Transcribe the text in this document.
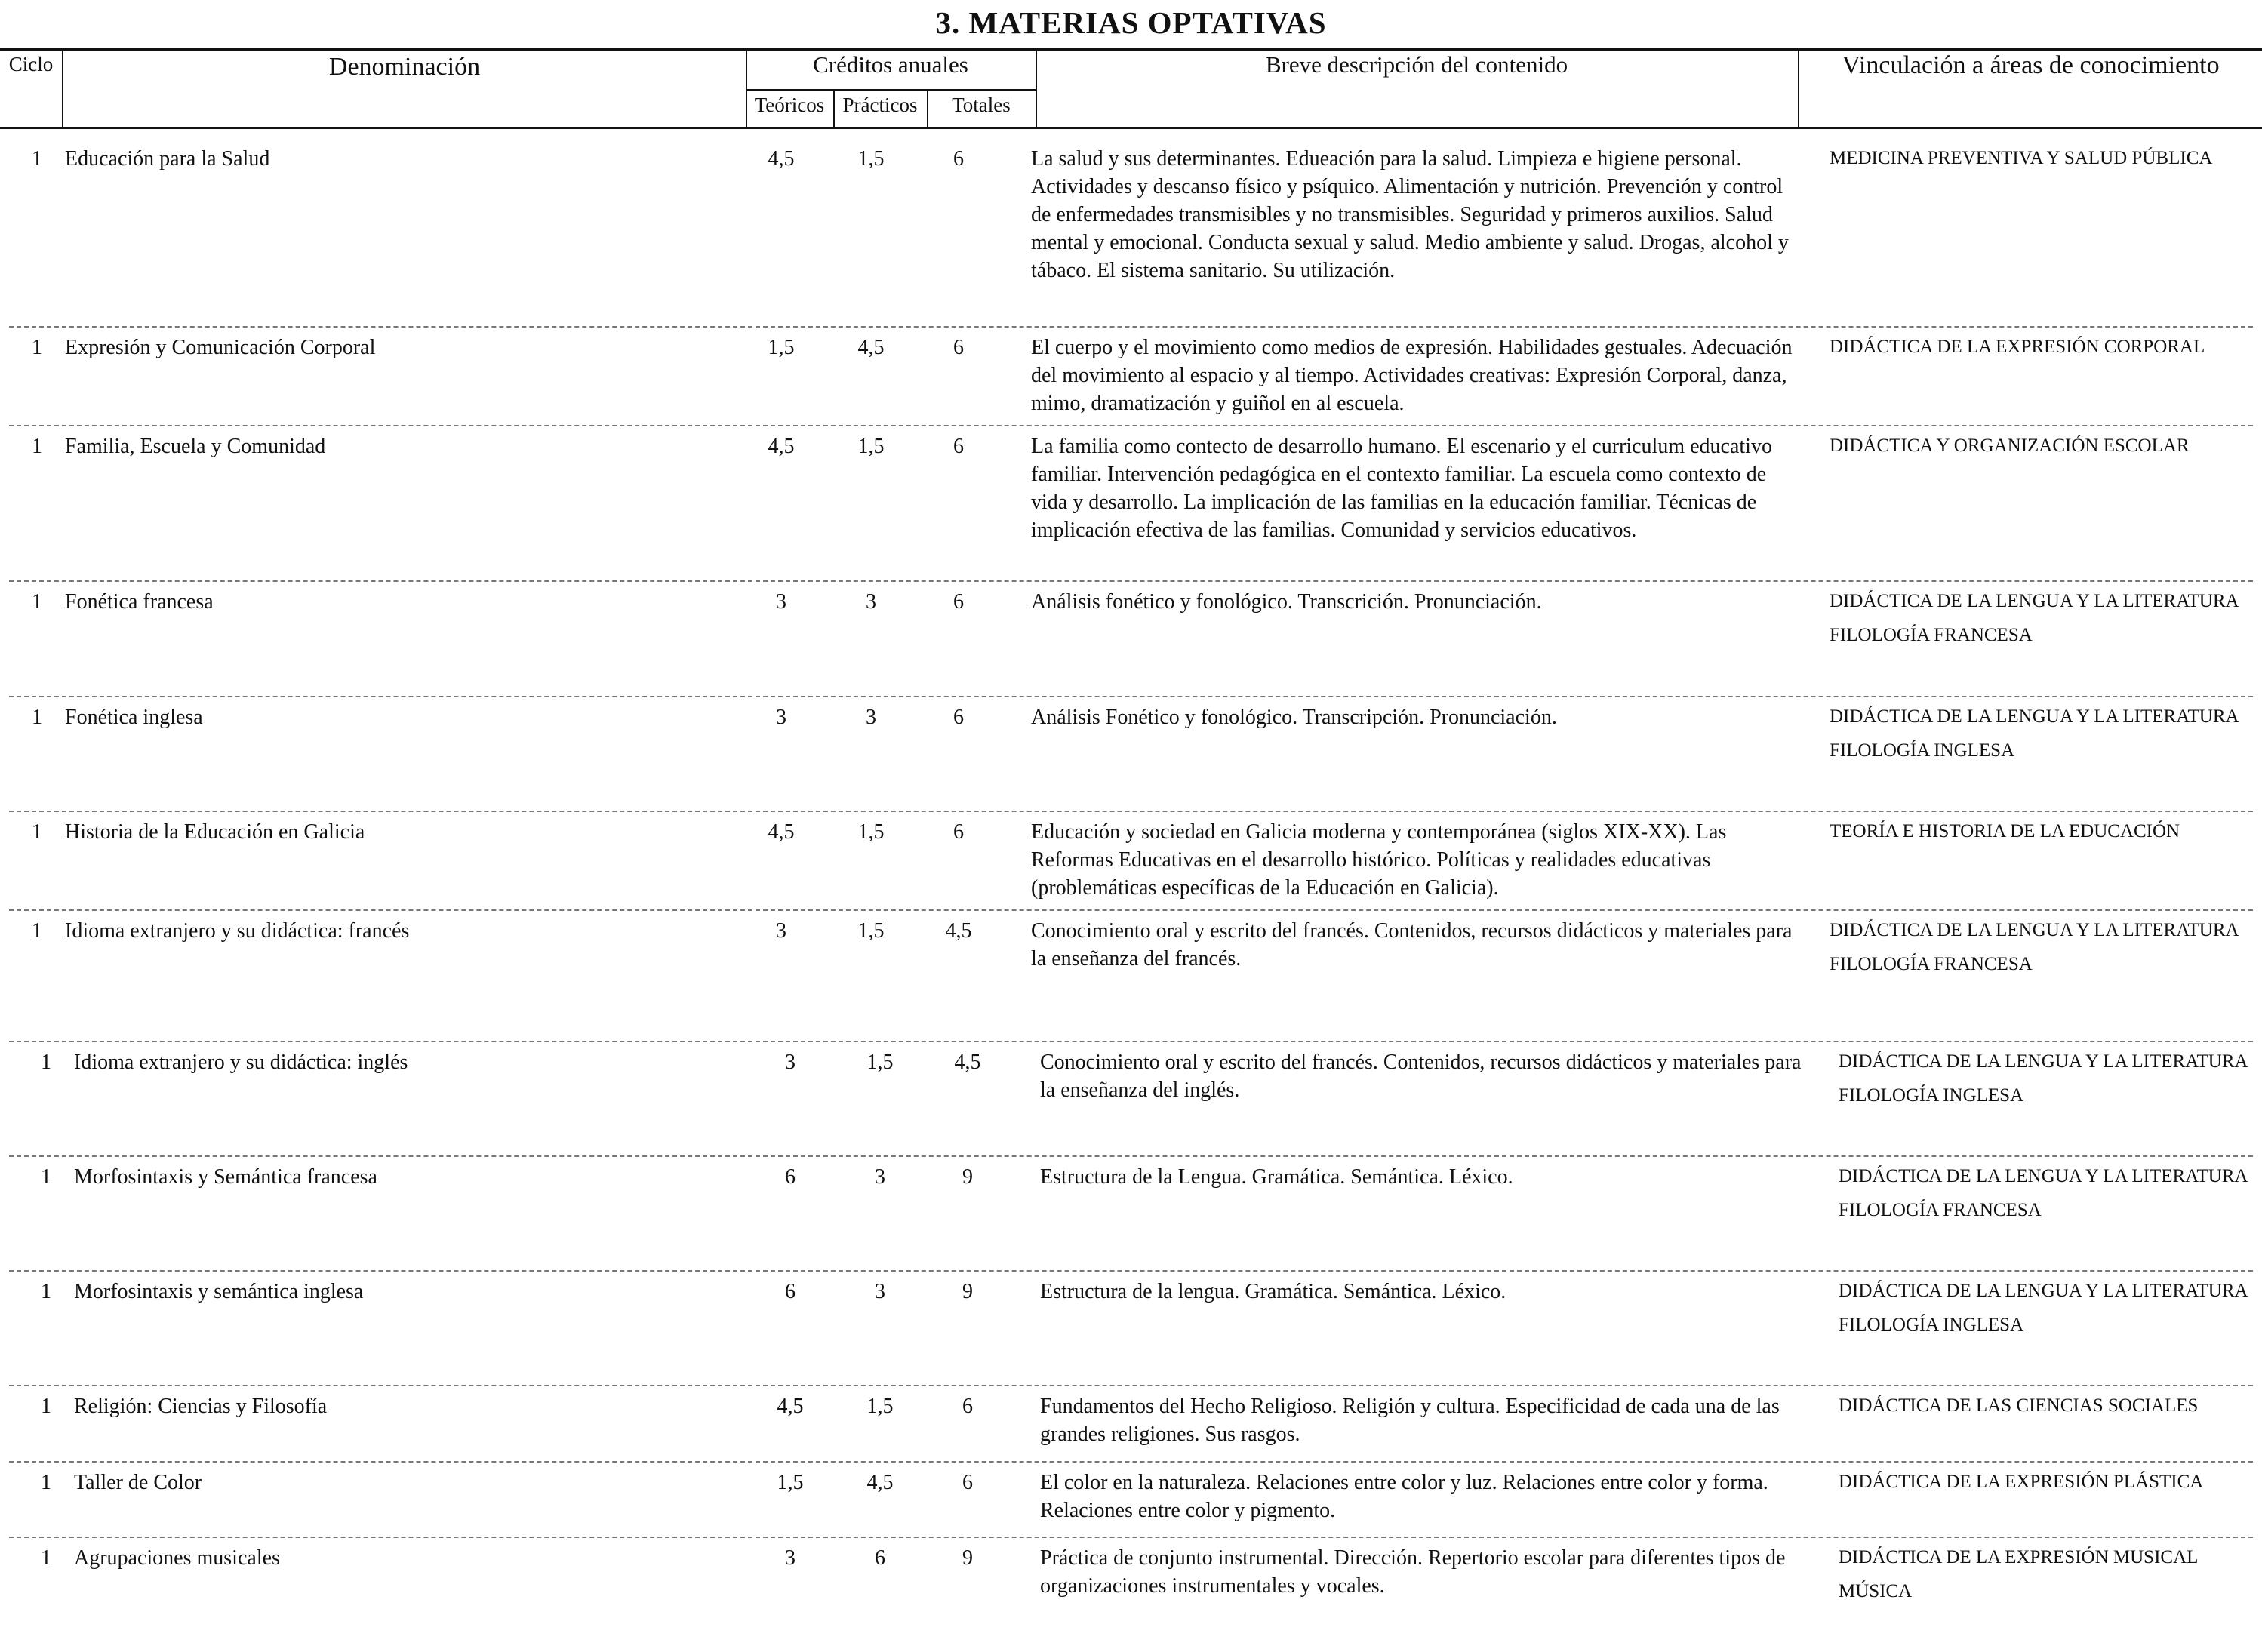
3. MATERIAS OPTATIVAS
Ciclo	Denominación	Créditos anuales
Teóricos Prácticos	Totales
Breve descripción del contenido	Vinculación a áreas de conocimiento
1	Educación para la Salud	4,5	1,5	6	La salud y sus determinantes. Edueación para la salud. Limpieza e higiene personal. Actividades y descanso físico y psíquico. Alimentación y nutrición. Prevención y control de enfermedades transmisibles y no transmisibles. Seguridad y primeros auxilios. Salud mental y emocional. Conducta sexual y salud. Medio ambiente y salud. Drogas, alcohol y tábaco. El sistema sanitario. Su utilización.
MEDICINA PREVENTIVA Y SALUD PÚBLICA
1	Expresión y Comunicación Corporal	1,5	4,5	6	El cuerpo y el movimiento como medios de expresión. Habilidades gestuales. Adecuación del movimiento al espacio y al tiempo. Actividades creativas: Expresión Corporal, danza, mimo, dramatización y guiñol en al escuela.
DIDÁCTICA DE LA EXPRESIÓN CORPORAL
1	Familia, Escuela y Comunidad	4,5	1,5	6	La familia como contecto de desarrollo humano. El escenario y el curriculum educativo familiar. Intervención pedagógica en el contexto familiar. La escuela como contexto de vida y desarrollo. La implicación de las familias en la educación familiar. Técnicas de implicación efectiva de las familias. Comunidad y servicios educativos.
DIDÁCTICA Y ORGANIZACIÓN ESCOLAR
1	Fonética francesa	3	3	6	Análisis fonético y fonológico. Transcrición. Pronunciación.	DIDÁCTICA DE LA LENGUA Y LA LITERATURA
FILOLOGÍA FRANCESA
1	Fonética inglesa	3	3	6	Análisis Fonético y fonológico. Transcripción. Pronunciación.	DIDÁCTICA DE LA LENGUA Y LA LITERATURA
FILOLOGÍA INGLESA
1	Historia de la Educación en Galicia	4,5	1,5	6	Educación y sociedad en Galicia moderna y contemporánea (siglos XIX-XX). Las Reformas Educativas en el desarrollo histórico. Políticas y realidades educativas (problemáticas específicas de la Educación en Galicia).
TEORÍA E HISTORIA DE LA EDUCACIÓN
1	Idioma extranjero y su didáctica: francés	3	1,5	4,5	Conocimiento oral y escrito del francés. Contenidos, recursos didácticos y materiales para la enseñanza del francés.
DIDÁCTICA DE LA LENGUA Y LA LITERATURA
FILOLOGÍA FRANCESA
1	Idioma extranjero y su didáctica: inglés	3	1,5	4,5	Conocimiento oral y escrito del francés. Contenidos, recursos didácticos y materiales para la enseñanza del inglés.
DIDÁCTICA DE LA LENGUA Y LA LITERATURA
FILOLOGÍA INGLESA
1	Morfosintaxis y Semántica francesa	6	3	9	Estructura de la Lengua. Gramática. Semántica. Léxico.	DIDÁCTICA DE LA LENGUA Y LA LITERATURA
FILOLOGÍA FRANCESA
1	Morfosintaxis y semántica inglesa	6	3	9	Estructura de la lengua. Gramática. Semántica. Léxico.	DIDÁCTICA DE LA LENGUA Y LA LITERATURA
FILOLOGÍA INGLESA
1	Religión: Ciencias y Filosofía	4,5	1,5	6	Fundamentos del Hecho Religioso. Religión y cultura. Especificidad de cada una de las grandes religiones. Sus rasgos.
DIDÁCTICA DE LAS CIENCIAS SOCIALES
1	Taller de Color	1,5	4,5	6	El color en la naturaleza. Relaciones entre color y luz. Relaciones entre color y forma. Relaciones entre color y pigmento.
DIDÁCTICA DE LA EXPRESIÓN PLÁSTICA
1	Agrupaciones musicales	3	6	9	Práctica de conjunto instrumental. Dirección. Repertorio escolar para diferentes tipos de organizaciones instrumentales y vocales.
DIDÁCTICA DE LA EXPRESIÓN MUSICAL
MÚSICA
